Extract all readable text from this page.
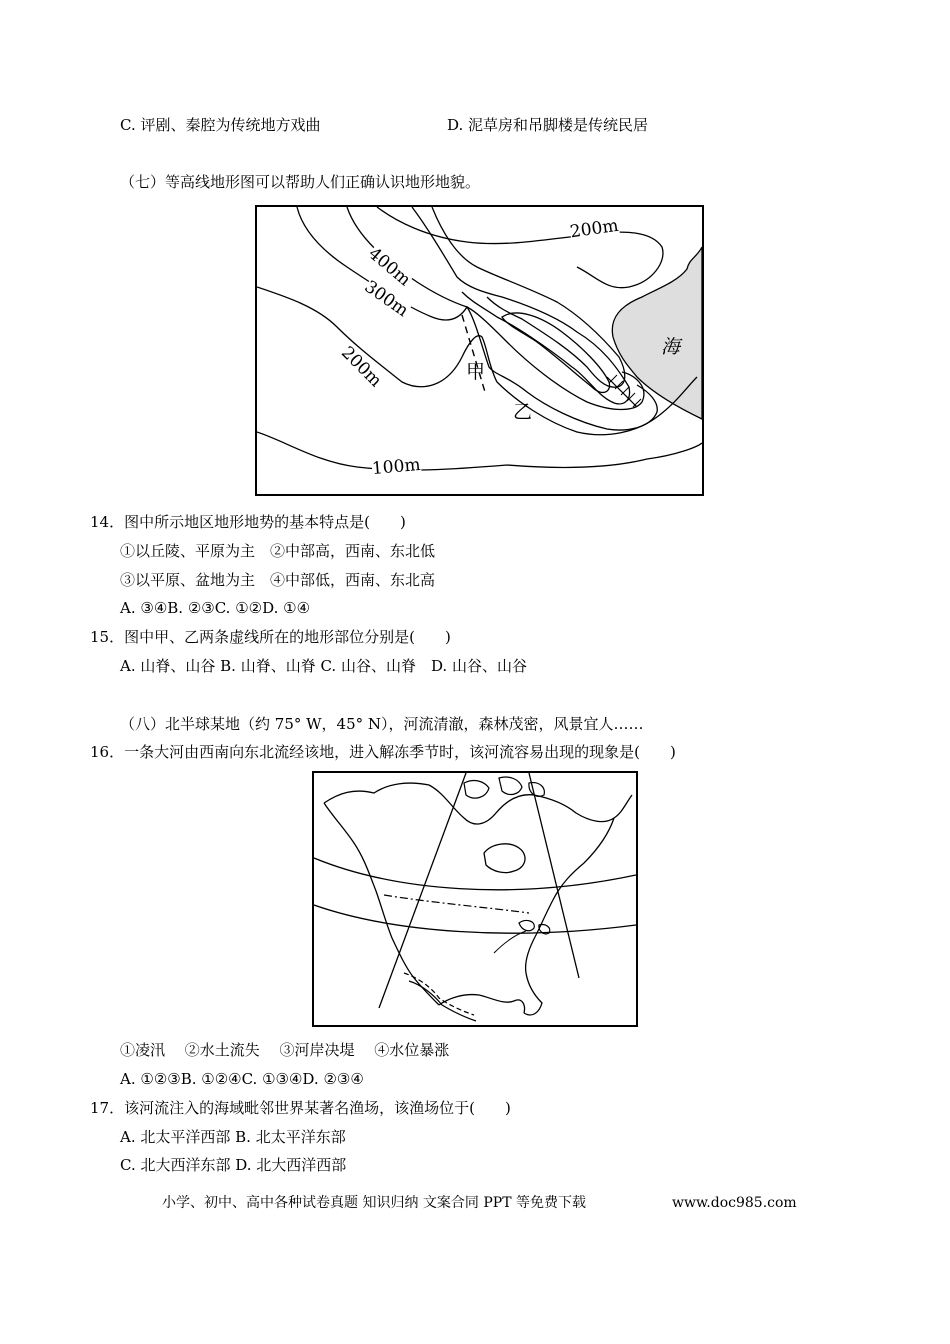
C. 评剧、秦腔为传统地方戏曲	D. 泥草房和吊脚楼是传统民居
（七）等高线地形图可以帮助人们正确认识地形地貌。
200m
400m
300m
200m
100m
海
甲
乙
14．图中所示地区地形地势的基本特点是(　　)
①以丘陵、平原为主　②中部高，西南、东北低
③以平原、盆地为主　④中部低，西南、东北高
A. ③④B. ②③C. ①②D. ①④
15．图中甲、乙两条虚线所在的地形部位分别是(　　)
A. 山脊、山谷 B. 山脊、山脊 C. 山谷、山脊　D. 山谷、山谷
（八）北半球某地（约 75° W，45° N），河流清澈，森林茂密，风景宜人……
16．一条大河由西南向东北流经该地，进入解冻季节时，该河流容易出现的现象是(　　)
①凌汛　 ②水土流失　 ③河岸决堤　 ④水位暴涨
A. ①②③B. ①②④C. ①③④D. ②③④
17．该河流注入的海域毗邻世界某著名渔场，该渔场位于(　　)
A. 北太平洋西部 B. 北太平洋东部
C. 北大西洋东部 D. 北大西洋西部
小学、初中、高中各种试卷真题 知识归纳 文案合同 PPT 等免费下载	www.doc985.com
